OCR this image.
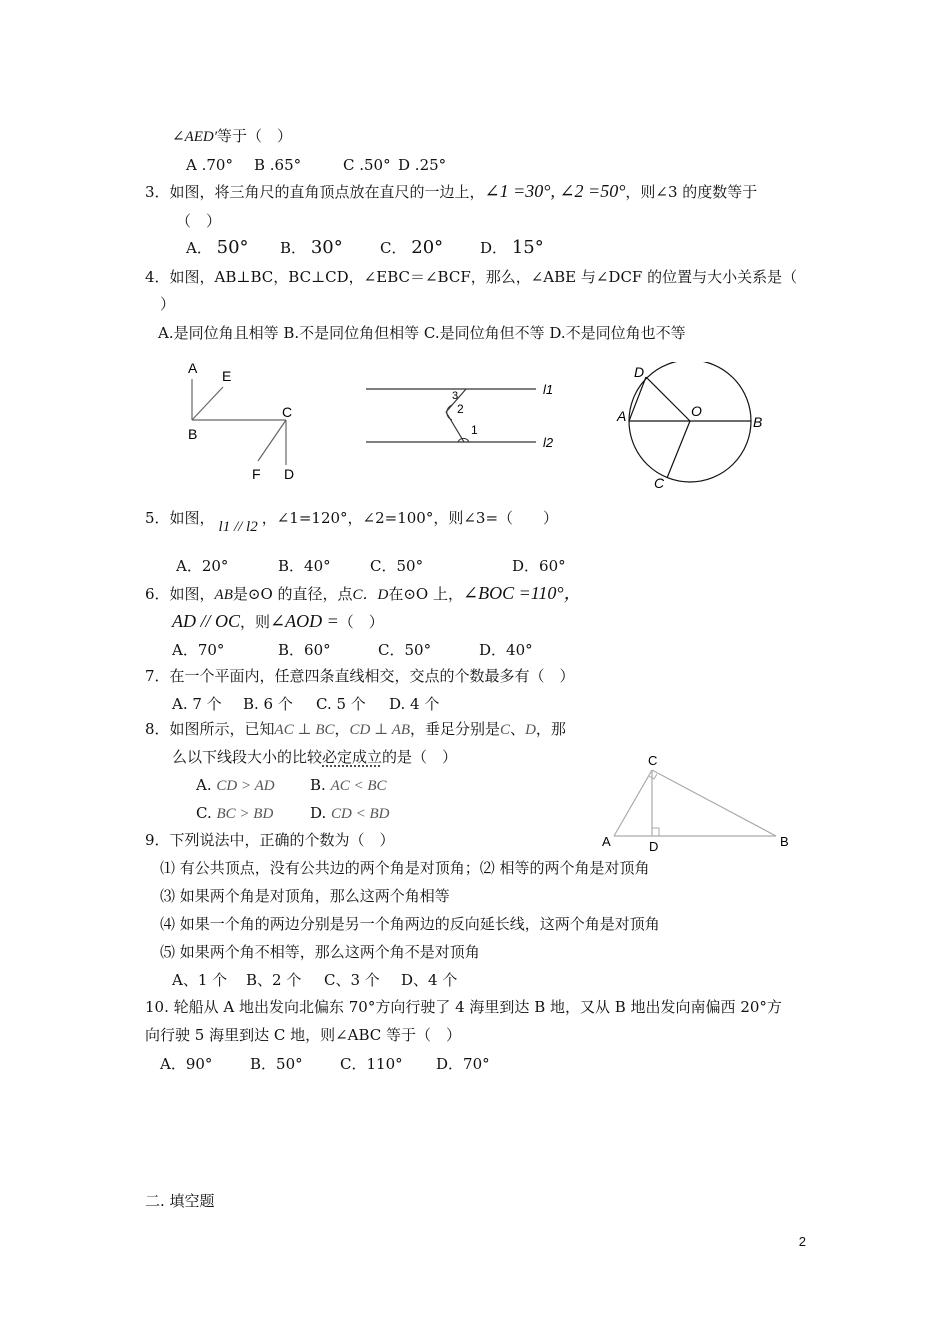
∠AED′等于（　）
A .70° B .65°	C .50° D .25°
3．如图，将三角尺的直角顶点放在直尺的一边上，∠1 =30°, ∠2 =50°，则∠3 的度数等于
（　）
A． 50° B． 30° C． 20° D． 15°
4．如图，AB⊥BC，BC⊥CD，∠EBC＝∠BCF，那么，∠ABE 与∠DCF 的位置与大小关系是（
）
A.是同位角且相等 B.不是同位角但相等 C.是同位角但不等 D.不是同位角也不等
A E
B
C
F D
3
2
1
l1
l2
D
A	O
B
C
5．如图， l1 // l2 ，∠1=120°，∠2=100°，则∠3=（　　）
A．20°	B．40°	C．50°	D．60°
6．如图，AB是⊙O 的直径，点C．D在⊙O 上，∠BOC =110°，
AD // OC，则∠AOD =（　）
A．70°	B．60°	C．50°	D．40°
7．在一个平面内，任意四条直线相交，交点的个数最多有（　）
A. 7 个 B. 6 个 C. 5 个 D. 4 个
8．如图所示，已知AC ⊥ BC，CD ⊥ AB，垂足分别是C、D，那
么以下线段大小的比较必定成立的是（　）
A. CD > AD B. AC < BC
C. BC > BD D. CD < BD
C
A	D	B
9．下列说法中，正确的个数为（　）
⑴ 有公共顶点，没有公共边的两个角是对顶角；⑵ 相等的两个角是对顶角
⑶ 如果两个角是对顶角，那么这两个角相等
⑷ 如果一个角的两边分别是另一个角两边的反向延长线，这两个角是对顶角
⑸ 如果两个角不相等，那么这两个角不是对顶角
A、1 个 B、2 个 C、3 个 D、4 个
10. 轮船从 A 地出发向北偏东 70°方向行驶了 4 海里到达 B 地，又从 B 地出发向南偏西 20°方
向行驶 5 海里到达 C 地，则∠ABC 等于（　）
A．90°	B．50° C．110° D．70°
二. 填空题
2
